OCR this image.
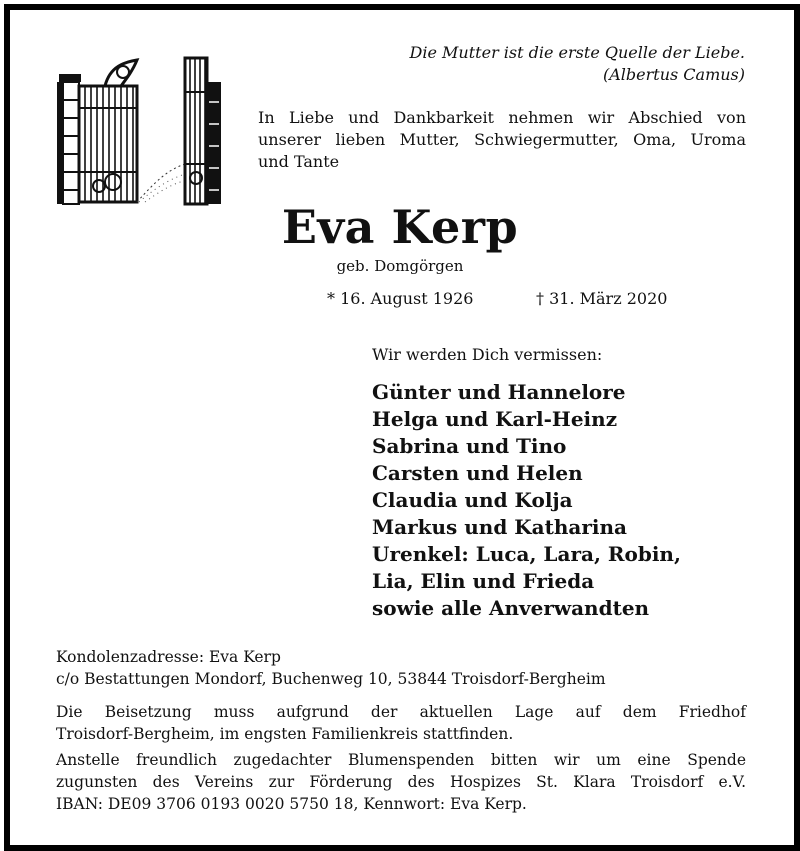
Die Mutter ist die erste Quelle der Liebe.
(Albertus Camus)
In Liebe und Dankbarkeit nehmen wir Abschied von
unserer lieben Mutter, Schwiegermutter, Oma, Uroma
und Tante
Eva Kerp
geb. Domgörgen
* 16. August 1926	† 31. März 2020
Wir werden Dich vermissen:
Günter und Hannelore
Helga und Karl-Heinz
Sabrina und Tino
Carsten und Helen
Claudia und Kolja
Markus und Katharina
Urenkel: Luca, Lara, Robin,
Lia, Elin und Frieda
sowie alle Anverwandten
Kondolenzadresse: Eva Kerp
c/o Bestattungen Mondorf, Buchenweg 10, 53844 Troisdorf-Bergheim
Die Beisetzung muss aufgrund der aktuellen Lage auf dem Friedhof
Troisdorf-Bergheim, im engsten Familienkreis stattfinden.
Anstelle freundlich zugedachter Blumenspenden bitten wir um eine Spende
zugunsten des Vereins zur Förderung des Hospizes St. Klara Troisdorf e.V.
IBAN: DE09 3706 0193 0020 5750 18, Kennwort: Eva Kerp.
